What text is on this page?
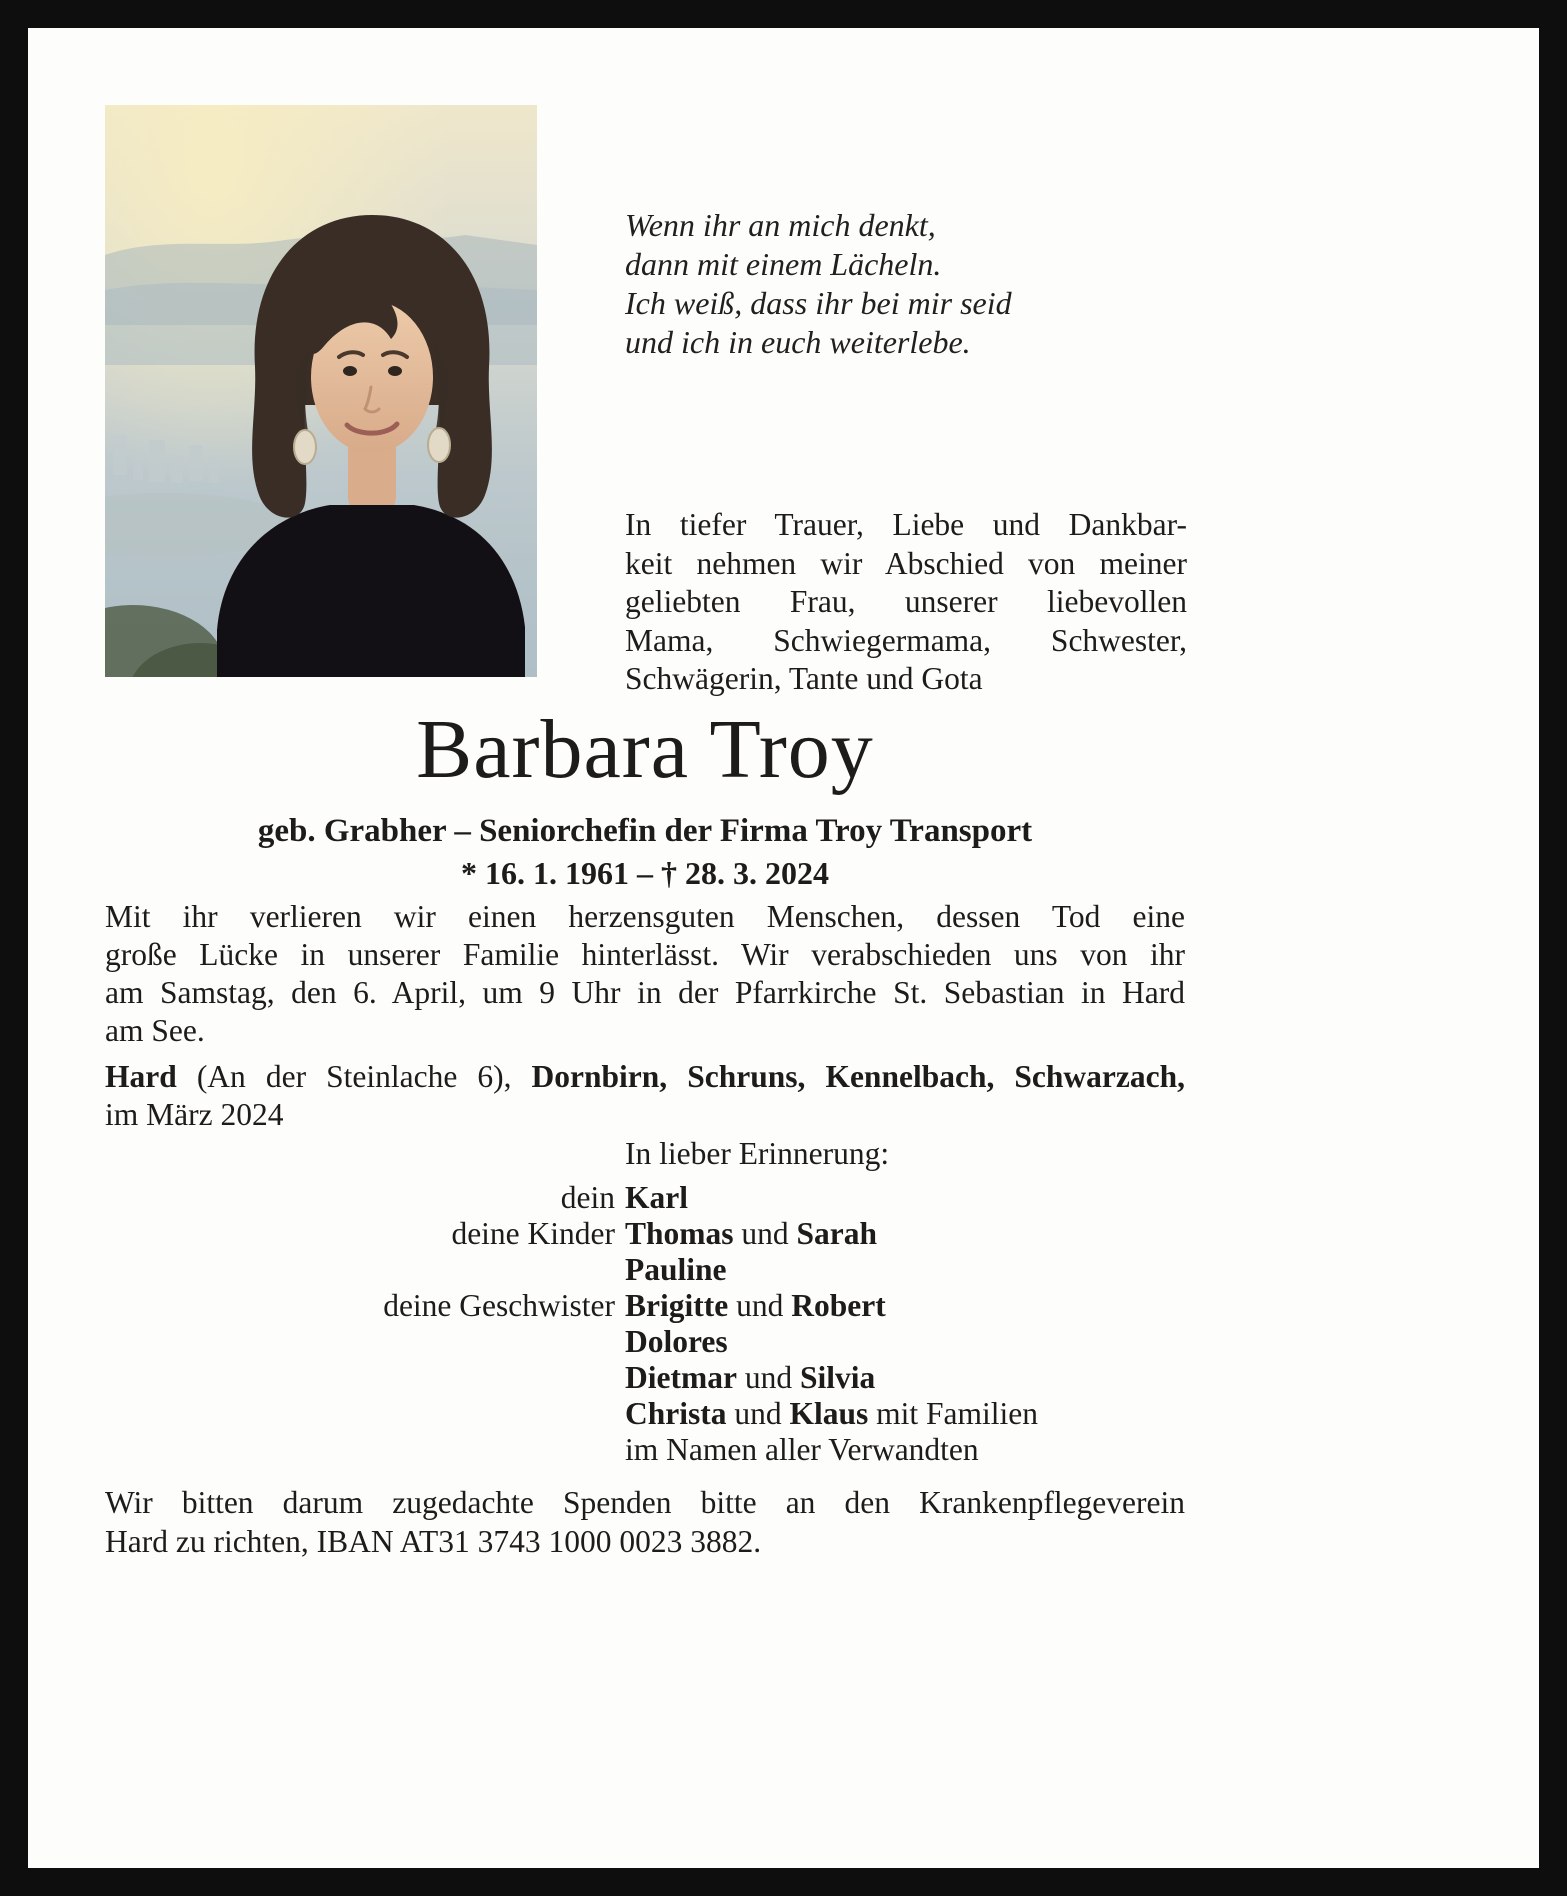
Wenn ihr an mich denkt,
dann mit einem Lächeln.
Ich weiß, dass ihr bei mir seid
und ich in euch weiterlebe.
In tiefer Trauer, Liebe und Dankbar-
keit nehmen wir Abschied von meiner
geliebten Frau, unserer liebevollen
Mama, Schwiegermama, Schwester,
Schwägerin, Tante und Gota
Barbara Troy
geb. Grabher – Seniorchefin der Firma Troy Transport
* 16. 1. 1961 – † 28. 3. 2024
Mit ihr verlieren wir einen herzensguten Menschen, dessen Tod eine
große Lücke in unserer Familie hinterlässt. Wir verabschieden uns von ihr
am Samstag, den 6. April, um 9 Uhr in der Pfarrkirche St. Sebastian in Hard
am See.
Hard (An der Steinlache 6), Dornbirn, Schruns, Kennelbach, Schwarzach,
im März 2024
In lieber Erinnerung:
dein Karl
deine Kinder Thomas und Sarah
Pauline
deine Geschwister Brigitte und Robert
Dolores
Dietmar und Silvia
Christa und Klaus mit Familien
im Namen aller Verwandten
Wir bitten darum zugedachte Spenden bitte an den Krankenpflegeverein
Hard zu richten, IBAN AT31 3743 1000 0023 3882.
